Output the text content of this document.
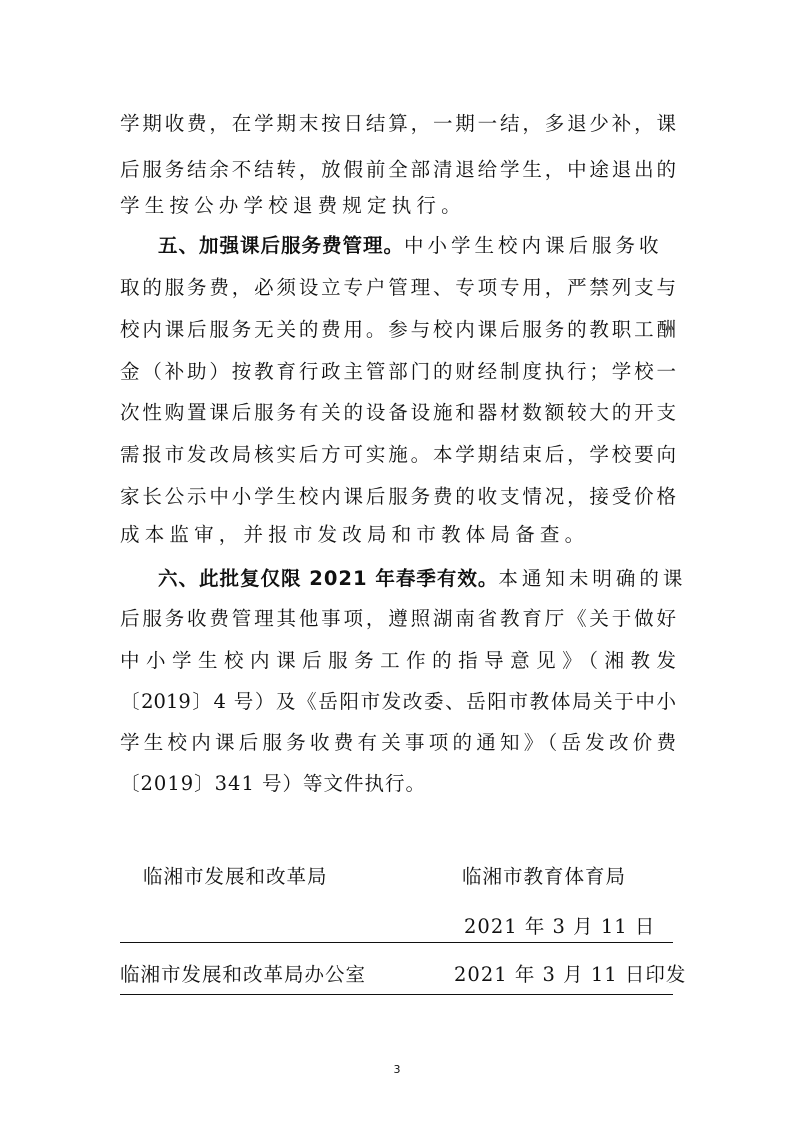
学期收费，在学期末按日结算，一期一结，多退少补，课
后服务结余不结转，放假前全部清退给学生，中途退出的
学生按公办学校退费规定执行。
五、加强课后服务费管理。中小学生校内课后服务收
取的服务费，必须设立专户管理、专项专用，严禁列支与
校内课后服务无关的费用。参与校内课后服务的教职工酬
金（补助）按教育行政主管部门的财经制度执行；学校一
次性购置课后服务有关的设备设施和器材数额较大的开支
需报市发改局核实后方可实施。本学期结束后，学校要向
家长公示中小学生校内课后服务费的收支情况，接受价格
成本监审，并报市发改局和市教体局备查。
六、此批复仅限 2021 年春季有效。本通知未明确的课
后服务收费管理其他事项，遵照湖南省教育厅《关于做好
中小学生校内课后服务工作的指导意见》（湘教发
〔2019〕4 号）及《岳阳市发改委、岳阳市教体局关于中小
学生校内课后服务收费有关事项的通知》（岳发改价费
〔2019〕341 号）等文件执行。
临湘市发展和改革局	临湘市教育体育局
2021 年 3 月 11 日
临湘市发展和改革局办公室	2021 年 3 月 11 日印发
3
